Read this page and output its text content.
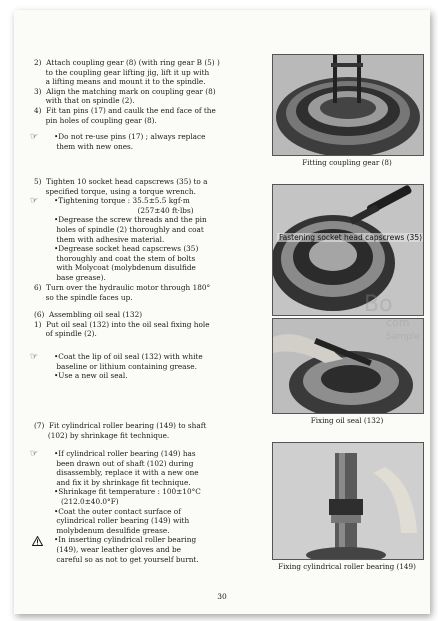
2)  Attach coupling gear (8) (with ring gear B (5) )
to the coupling gear lifting jig, lift it up with
a lifting means and mount it to the spindle.
3)  Align the matching mark on coupling gear (8)
with that on spindle (2).
4)  Fit tan pins (17) and caulk the end face of the
pin holes of coupling gear (8).
☞ •Do not re-use pins (17) ; always replace
them with new ones.
5)  Tighten 10 socket head capscrews (35) to a
specified torque, using a torque wrench.
☞ •Tightening torque : 35.5±5.5 kgf·m
(257±40 ft·lbs)
•Degrease the screw threads and the pin
holes of spindle (2) thoroughly and coat
them with adhesive material.
•Degrease socket head capscrews (35)
thoroughly and coat the stem of bolts
with Molycoat (molybdenum disulfide
base grease).
6)  Turn over the hydraulic motor through 180°
so the spindle faces up.
(6)  Assembling oil seal (132)
1)  Put oil seal (132) into the oil seal fixing hole
of spindle (2).
☞ •Coat the lip of oil seal (132) with white
baseline or lithium containing grease.
•Use a new oil seal.
(7)  Fit cylindrical roller bearing (149) to shaft
(102) by shrinkage fit technique.
☞ •If cylindrical roller bearing (149) has
been drawn out of shaft (102) during
disassembly, replace it with a new one
and fix it by shrinkage fit technique.
•Shrinkage fit temperature : 100±10°C
(212.0±40.0°F)
•Coat the outer contact surface of
cylindrical roller bearing (149) with
molybdenum desulfide grease.
•In inserting cylindrical roller bearing
(149), wear leather gloves and be
careful so as not to get yourself burnt.
Fitting coupling gear (8)
Fastening socket head capscrews (35)
Fixing oil seal (132)
Fixing cylindrical roller bearing (149)
Bo
com
Sample
30
